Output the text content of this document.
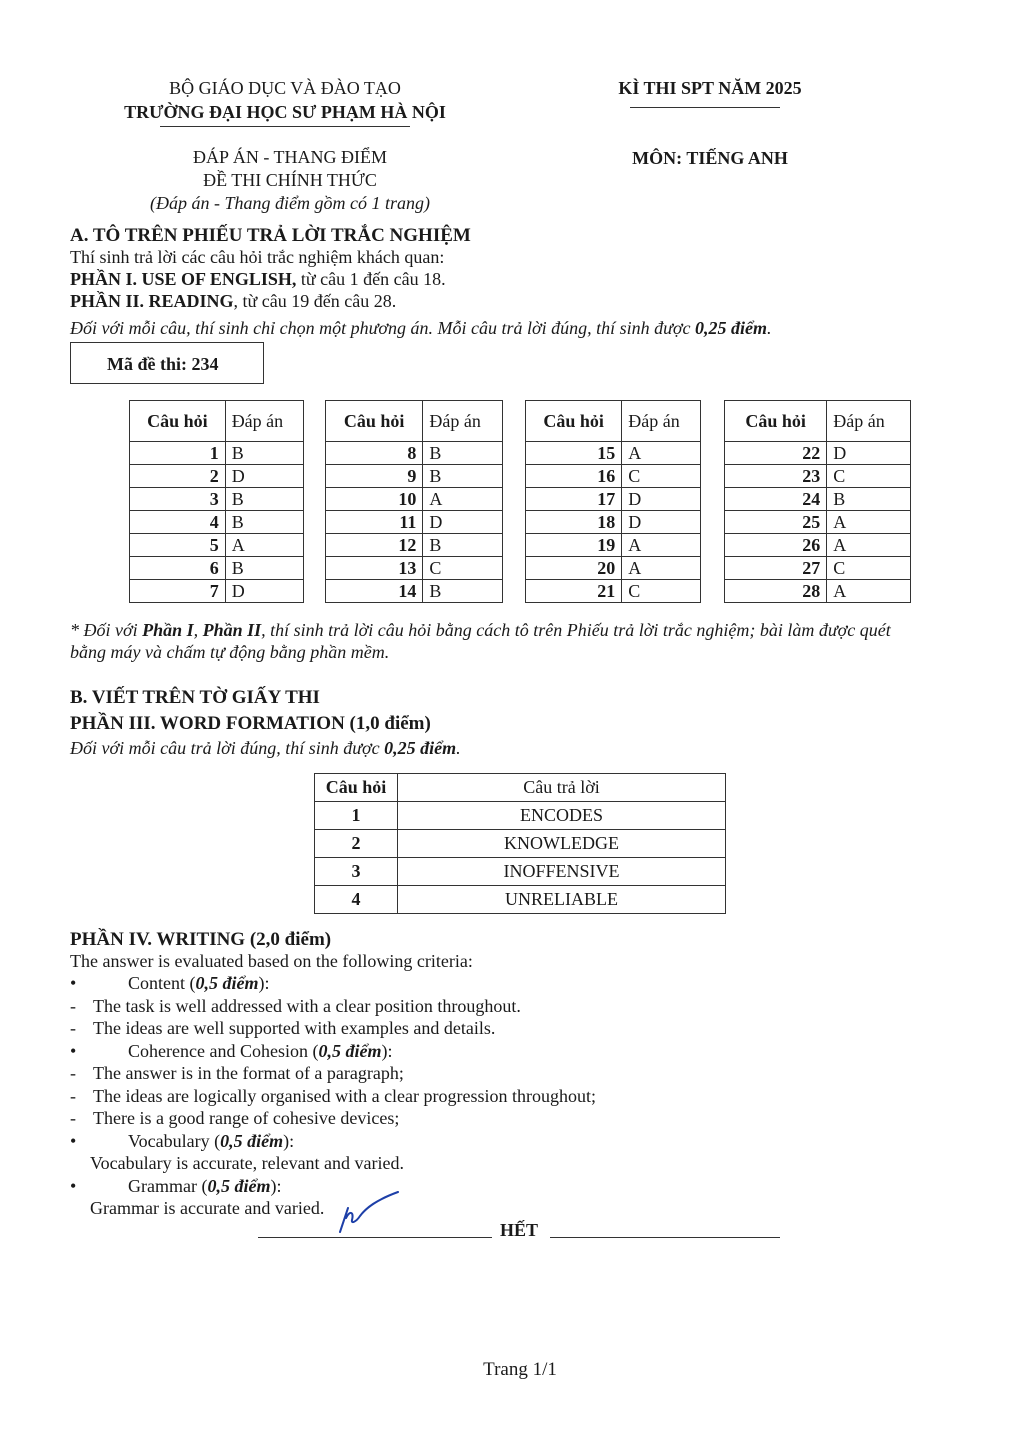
BỘ GIÁO DỤC VÀ ĐÀO TẠO
TRƯỜNG ĐẠI HỌC SƯ PHẠM HÀ NỘI
KÌ THI SPT NĂM 2025
ĐÁP ÁN - THANG ĐIỂM
ĐỀ THI CHÍNH THỨC
(Đáp án - Thang điểm gồm có 1 trang)
MÔN: TIẾNG ANH
A. TÔ TRÊN PHIẾU TRẢ LỜI TRẮC NGHIỆM
Thí sinh trả lời các câu hỏi trắc nghiệm khách quan:
PHẦN I. USE OF ENGLISH, từ câu 1 đến câu 18.
PHẦN II. READING, từ câu 19 đến câu 28.
Đối với mỗi câu, thí sinh chỉ chọn một phương án. Mỗi câu trả lời đúng, thí sinh được 0,25 điểm.
Mã đề thi: 234
Câu hỏi	Đáp án
1	B
2	D
3	B
4	B
5	A
6	B
7	D
Câu hỏi	Đáp án
8	B
9	B
10	A
11	D
12	B
13	C
14	B
Câu hỏi	Đáp án
15	A
16	C
17	D
18	D
19	A
20	A
21	C
Câu hỏi	Đáp án
22	D
23	C
24	B
25	A
26	A
27	C
28	A
* Đối với Phần I, Phần II, thí sinh trả lời câu hỏi bằng cách tô trên Phiếu trả lời trắc nghiệm; bài làm được quét
bằng máy và chấm tự động bằng phần mềm.
B. VIẾT TRÊN TỜ GIẤY THI
PHẦN III. WORD FORMATION (1,0 điểm)
Đối với mỗi câu trả lời đúng, thí sinh được 0,25 điểm.
Câu hỏi	Câu trả lời
1	ENCODES
2	KNOWLEDGE
3	INOFFENSIVE
4	UNRELIABLE
PHẦN IV. WRITING (2,0 điểm)
The answer is evaluated based on the following criteria:
•	Content (0,5 điểm):
- The task is well addressed with a clear position throughout.
- The ideas are well supported with examples and details.
•	Coherence and Cohesion (0,5 điểm):
- The answer is in the format of a paragraph;
- The ideas are logically organised with a clear progression throughout;
- There is a good range of cohesive devices;
•	Vocabulary (0,5 điểm):
Vocabulary is accurate, relevant and varied.
•	Grammar (0,5 điểm):
Grammar is accurate and varied.
HẾT
Trang 1/1
